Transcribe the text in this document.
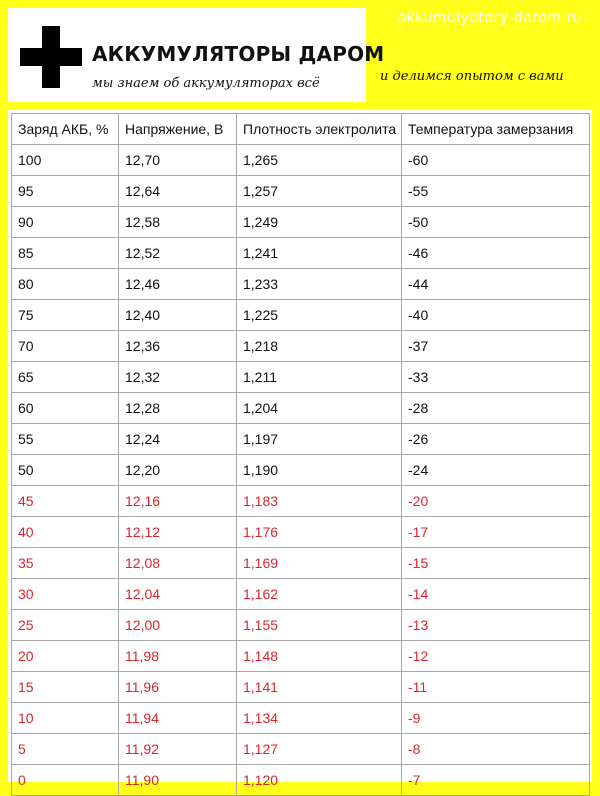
akkumulyatory-darom.ru
АККУМУЛЯТОРЫ ДАРОМ
мы знаем об аккумуляторах всё	и делимся опытом с вами
Заряд АКБ, %	Напряжение, В	Плотность электролита	Температура замерзания
100	12,70	1,265	-60
95	12,64	1,257	-55
90	12,58	1,249	-50
85	12,52	1,241	-46
80	12,46	1,233	-44
75	12,40	1,225	-40
70	12,36	1,218	-37
65	12,32	1,211	-33
60	12,28	1,204	-28
55	12,24	1,197	-26
50	12,20	1,190	-24
45	12,16	1,183	-20
40	12,12	1,176	-17
35	12,08	1,169	-15
30	12,04	1,162	-14
25	12,00	1,155	-13
20	11,98	1,148	-12
15	11,96	1,141	-11
10	11,94	1,134	-9
5	11,92	1,127	-8
0	11,90	1,120	-7
